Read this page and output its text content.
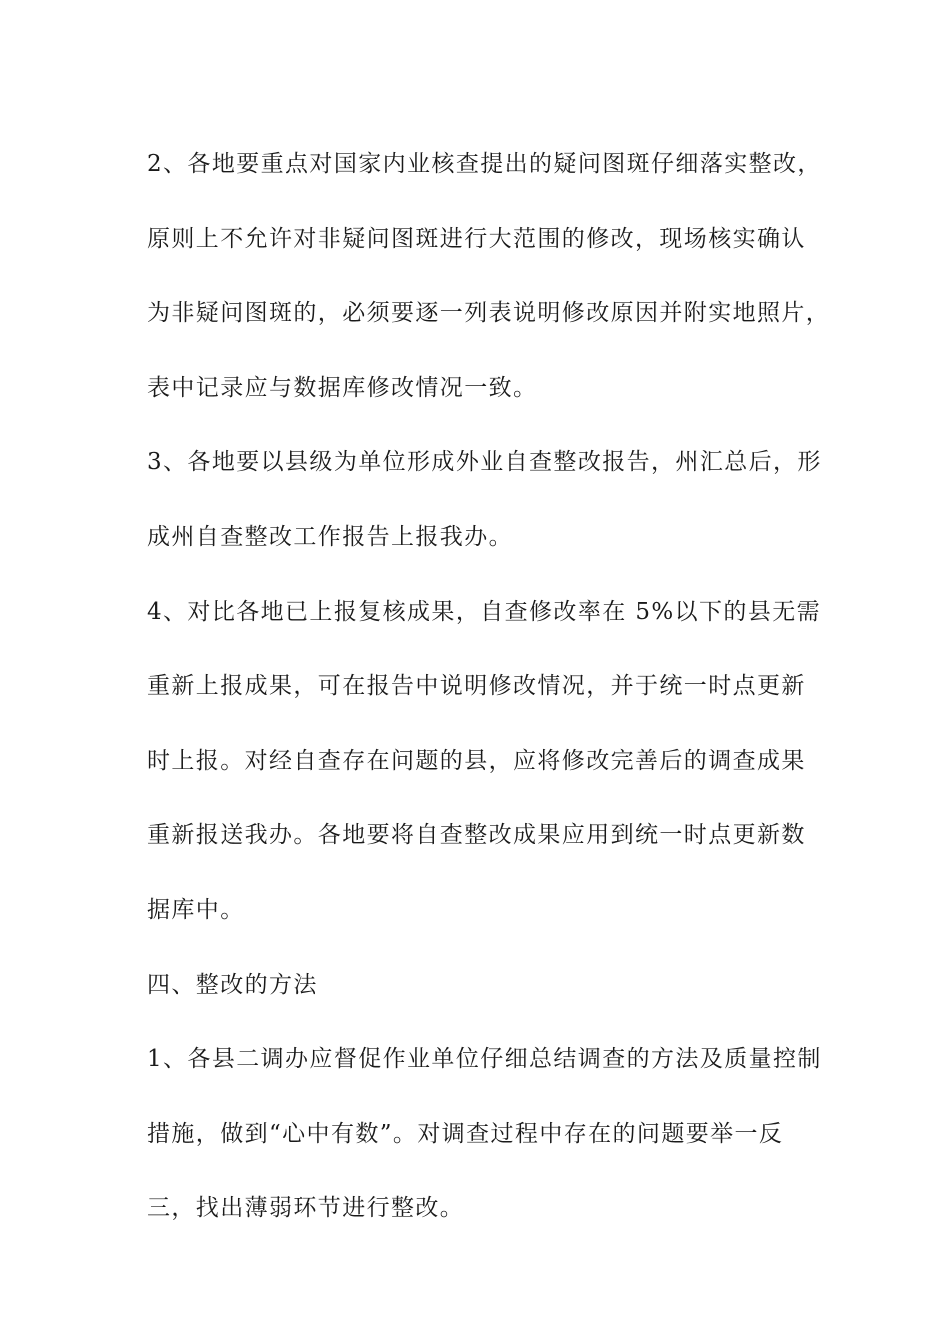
2、各地要重点对国家内业核查提出的疑问图斑仔细落实整改，
原则上不允许对非疑问图斑进行大范围的修改，现场核实确认
为非疑问图斑的，必须要逐一列表说明修改原因并附实地照片，
表中记录应与数据库修改情况一致。
3、各地要以县级为单位形成外业自查整改报告，州汇总后，形
成州自查整改工作报告上报我办。
4、对比各地已上报复核成果，自查修改率在 5%以下的县无需
重新上报成果，可在报告中说明修改情况，并于统一时点更新
时上报。对经自查存在问题的县，应将修改完善后的调查成果
重新报送我办。各地要将自查整改成果应用到统一时点更新数
据库中。
四、整改的方法
1、各县二调办应督促作业单位仔细总结调查的方法及质量控制
措施，做到“心中有数”。对调查过程中存在的问题要举一反
三，找出薄弱环节进行整改。
